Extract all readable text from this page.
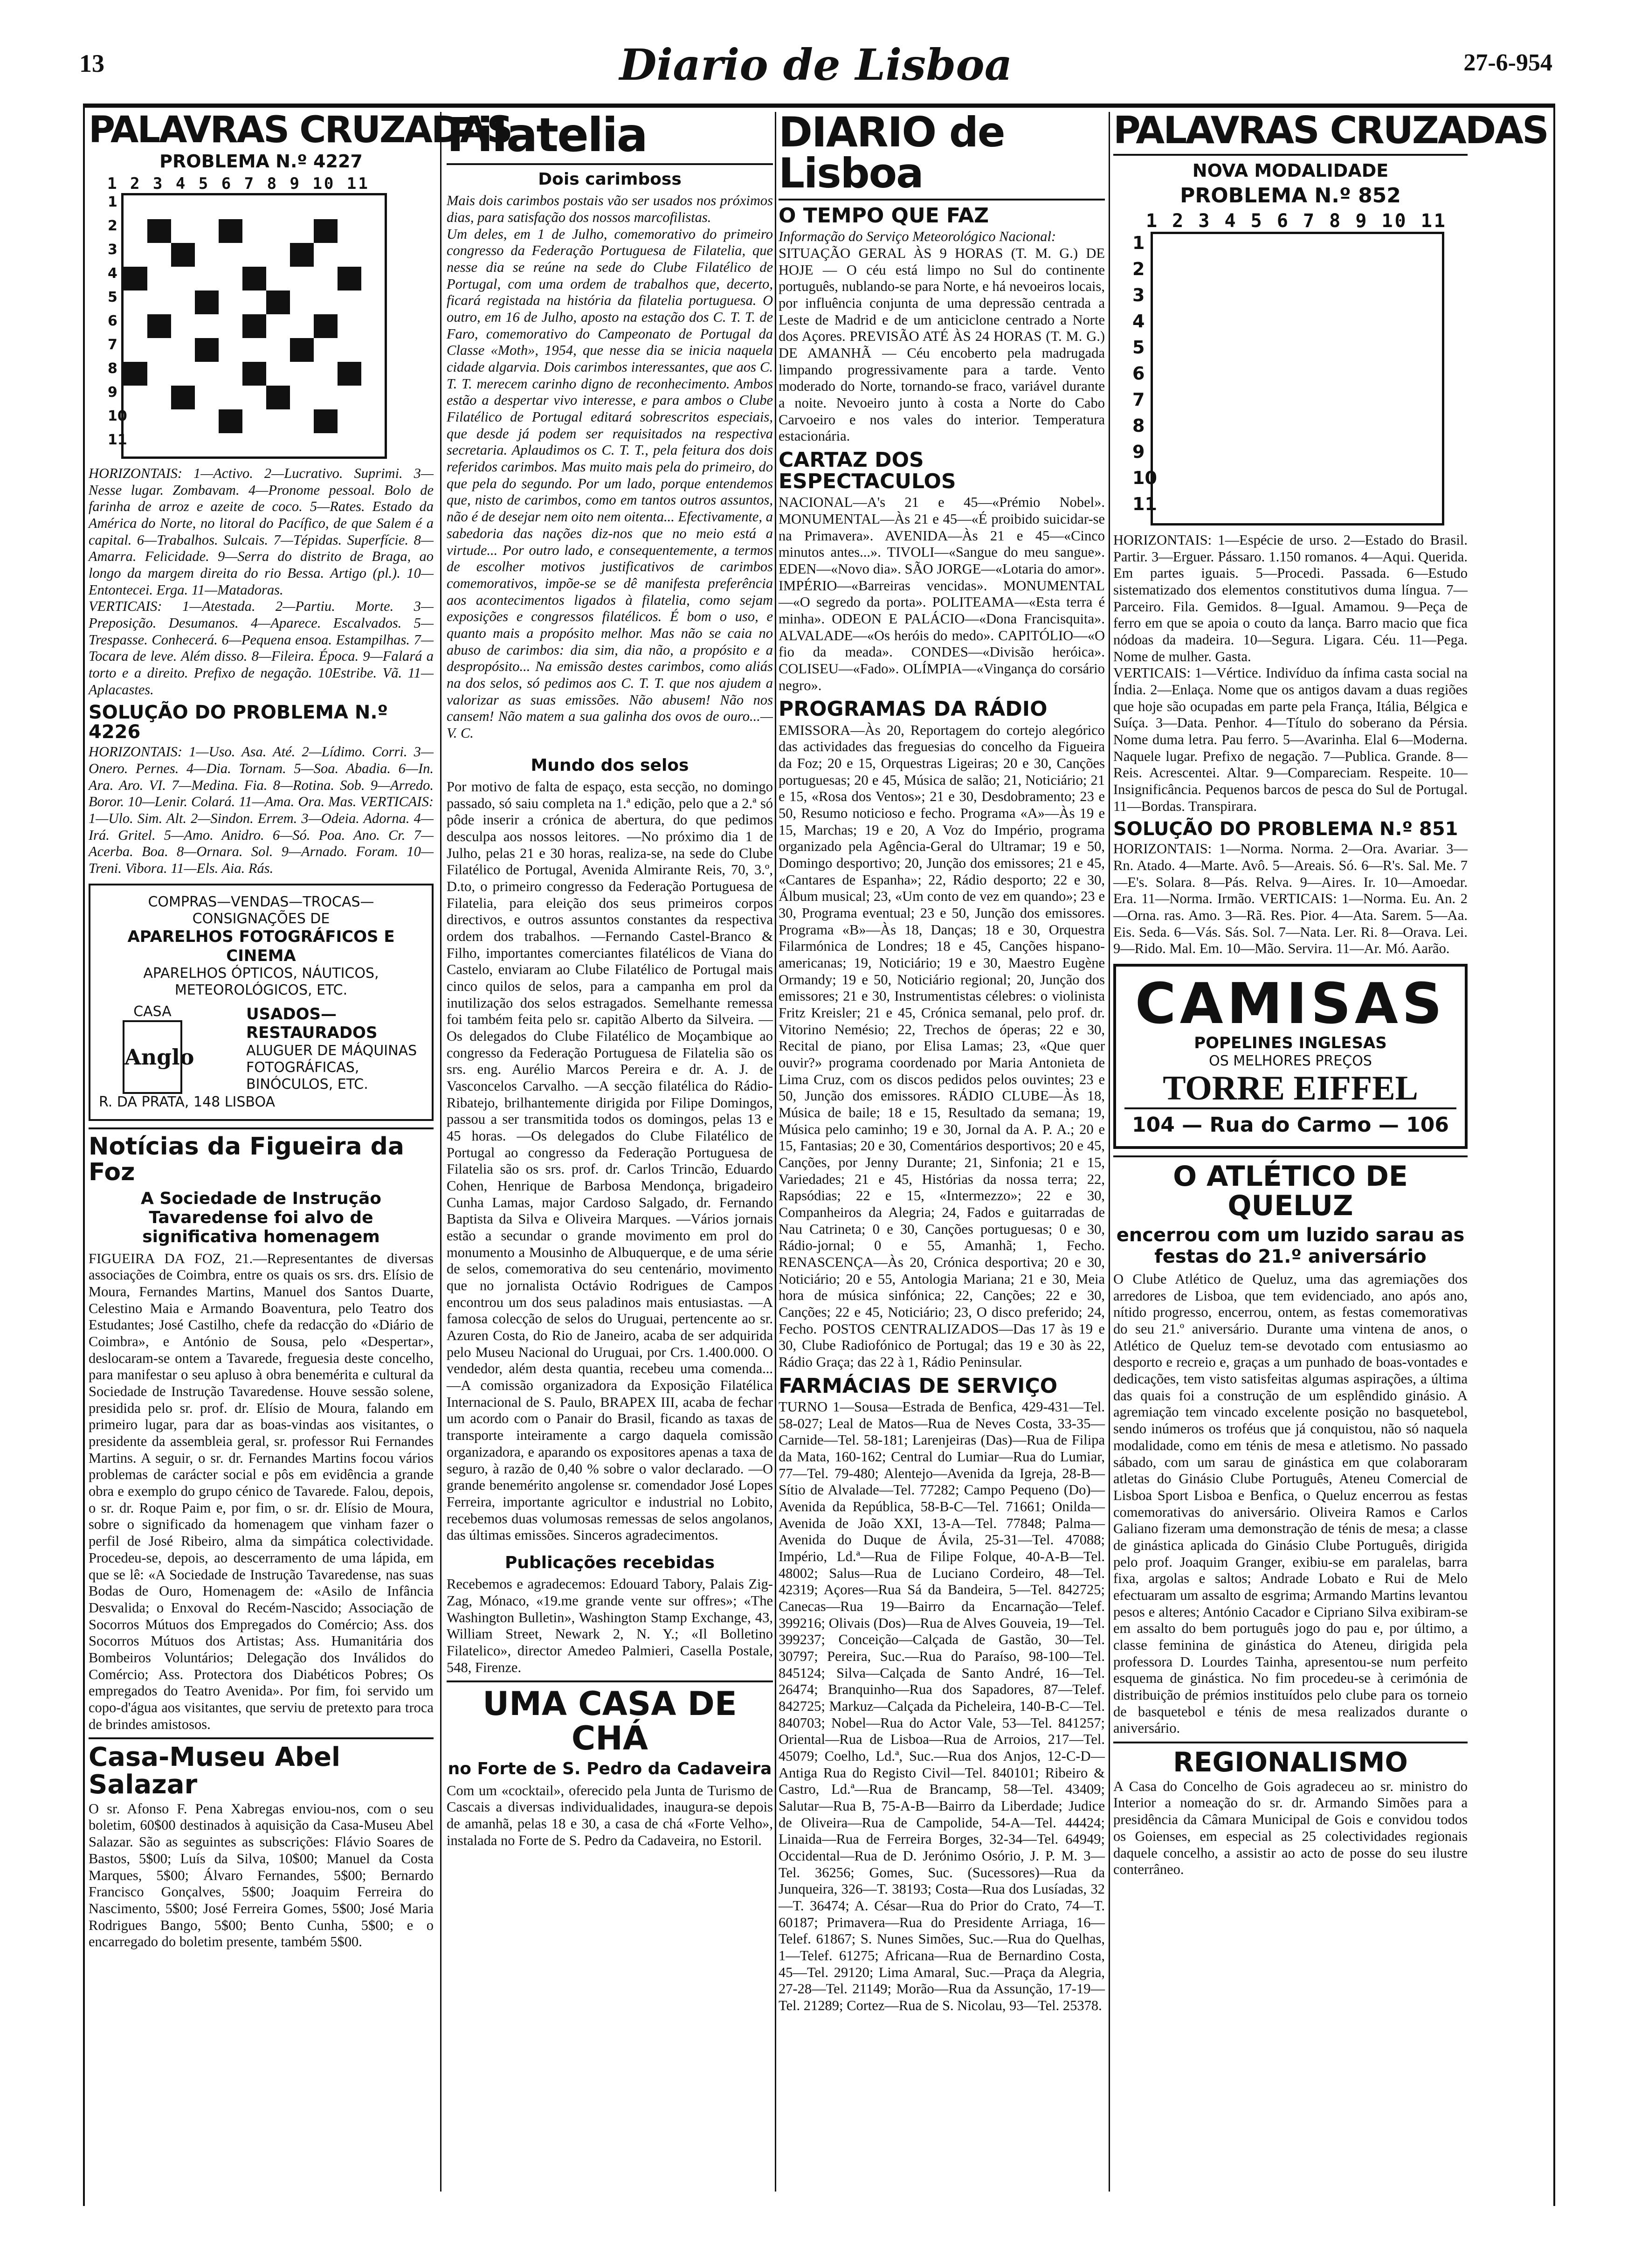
13	Diario de Lisboa	27-6-954
PALAVRAS CRUZADAS
PROBLEMA N.º 4227
1 2 3 4 5 6 7 8 9 10 11
1
2
3
4
5
6
7
8
9
10
11

HORIZONTAIS: 1—Activo. 2—Lucrativo. Suprimi. 3—Nesse lugar. Zombavam. 4—Pronome pessoal. Bolo de farinha de arroz e azeite de coco. 5—Rates. Estado da América do Norte, no litoral do Pacífico, de que Salem é a capital. 6—Trabalhos. Sulcais. 7—Tépidas. Superfície. 8—Amarra. Felicidade. 9—Serra do distrito de Braga, ao longo da margem direita do rio Bessa. Artigo (pl.). 10—Entontecei. Erga. 11—Matadoras.

VERTICAIS: 1—Atestada. 2—Partiu. Morte. 3—Preposição. Desumanos. 4—Aparece. Escalvados. 5—Trespasse. Conhecerá. 6—Pequena ensoa. Estampilhas. 7—Tocara de leve. Além disso. 8—Fileira. Época. 9—Falará a torto e a direito. Prefixo de negação. 10Estribe. Vã. 11—Aplacastes.

SOLUÇÃO DO PROBLEMA N.º 4226

HORIZONTAIS: 1—Uso. Asa. Até. 2—Lídimo. Corri. 3—Onero. Pernes. 4—Dia. Tornam. 5—Soa. Abadia. 6—In. Ara. Aro. VI. 7—Medina. Fia. 8—Rotina. Sob. 9—Arredo. Boror. 10—Lenir. Colará. 11—Ama. Ora. Mas. VERTICAIS: 1—Ulo. Sim. Alt. 2—Sindon. Errem. 3—Odeia. Adorna. 4—Irá. Gritel. 5—Amo. Anidro. 6—Só. Poa. Ano. Cr. 7—Acerba. Boa. 8—Ornara. Sol. 9—Arnado. Foram. 10—Treni. Vibora. 11—Els. Aia. Rás.

COMPRAS—VENDAS—TROCAS—
CONSIGNAÇÕES DE
APARELHOS FOTOGRÁFICOS E CINEMA
APARELHOS ÓPTICOS, NÁUTICOS, METEOROLÓGICOS, ETC.
CASA
Anglo
USADOS—
RESTAURADOS
ALUGUER DE MÁQUINAS FOTOGRÁFICAS, BINÓCULOS, ETC.
R. DA PRATA, 148 LISBOA
Notícias da Figueira da Foz
A Sociedade de Instrução Tavaredense foi alvo de significativa homenagem

FIGUEIRA DA FOZ, 21.—Representantes de diversas associações de Coimbra, entre os quais os srs. drs. Elísio de Moura, Fernandes Martins, Manuel dos Santos Duarte, Celestino Maia e Armando Boaventura, pelo Teatro dos Estudantes; José Castilho, chefe da redacção do «Diário de Coimbra», e António de Sousa, pelo «Despertar», deslocaram-se ontem a Tavarede, freguesia deste concelho, para manifestar o seu apluso à obra benemérita e cultural da Sociedade de Instrução Tavaredense. Houve sessão solene, presidida pelo sr. prof. dr. Elísio de Moura, falando em primeiro lugar, para dar as boas-vindas aos visitantes, o presidente da assembleia geral, sr. professor Rui Fernandes Martins. A seguir, o sr. dr. Fernandes Martins focou vários problemas de carácter social e pôs em evidência a grande obra e exemplo do grupo cénico de Tavarede. Falou, depois, o sr. dr. Roque Paim e, por fim, o sr. dr. Elísio de Moura, sobre o significado da homenagem que vinham fazer o perfil de José Ribeiro, alma da simpática colectividade. Procedeu-se, depois, ao descerramento de uma lápida, em que se lê: «A Sociedade de Instrução Tavaredense, nas suas Bodas de Ouro, Homenagem de: «Asilo de Infância Desvalida; o Enxoval do Recém-Nascido; Associação de Socorros Mútuos dos Empregados do Comércio; Ass. dos Socorros Mútuos dos Artistas; Ass. Humanitária dos Bombeiros Voluntários; Delegação dos Inválidos do Comércio; Ass. Protectora dos Diabéticos Pobres; Os empregados do Teatro Avenida». Por fim, foi servido um copo-d'água aos visitantes, que serviu de pretexto para troca de brindes amistosos.

Casa-Museu Abel Salazar

O sr. Afonso F. Pena Xabregas enviou-nos, com o seu boletim, 60$00 destinados à aquisição da Casa-Museu Abel Salazar. São as seguintes as subscrições: Flávio Soares de Bastos, 5$00; Luís da Silva, 10$00; Manuel da Costa Marques, 5$00; Álvaro Fernandes, 5$00; Bernardo Francisco Gonçalves, 5$00; Joaquim Ferreira do Nascimento, 5$00; José Ferreira Gomes, 5$00; José Maria Rodrigues Bango, 5$00; Bento Cunha, 5$00; e o encarregado do boletim presente, também 5$00.

Filatelia
Dois carimboss

Mais dois carimbos postais vão ser usados nos próximos dias, para satisfação dos nossos marcofilistas.

Um deles, em 1 de Julho, comemorativo do primeiro congresso da Federação Portuguesa de Filatelia, que nesse dia se reúne na sede do Clube Filatélico de Portugal, com uma ordem de trabalhos que, decerto, ficará registada na história da filatelia portuguesa. O outro, em 16 de Julho, aposto na estação dos C. T. T. de Faro, comemorativo do Campeonato de Portugal da Classe «Moth», 1954, que nesse dia se inicia naquela cidade algarvia. Dois carimbos interessantes, que aos C. T. T. merecem carinho digno de reconhecimento. Ambos estão a despertar vivo interesse, e para ambos o Clube Filatélico de Portugal editará sobrescritos especiais, que desde já podem ser requisitados na respectiva secretaria. Aplaudimos os C. T. T., pela feitura dos dois referidos carimbos. Mas muito mais pela do primeiro, do que pela do segundo. Por um lado, porque entendemos que, nisto de carimbos, como em tantos outros assuntos, não é de desejar nem oito nem oitenta... Efectivamente, a sabedoria das nações diz-nos que no meio está a virtude... Por outro lado, e consequentemente, a termos de escolher motivos justificativos de carimbos comemorativos, impõe-se se dê manifesta preferência aos acontecimentos ligados à filatelia, como sejam exposições e congressos filatélicos. É bom o uso, e quanto mais a propósito melhor. Mas não se caia no abuso de carimbos: dia sim, dia não, a propósito e a despropósito... Na emissão destes carimbos, como aliás na dos selos, só pedimos aos C. T. T. que nos ajudem a valorizar as suas emissões. Não abusem! Não nos cansem! Não matem a sua galinha dos ovos de ouro...—V. C.

Mundo dos selos

Por motivo de falta de espaço, esta secção, no domingo passado, só saiu completa na 1.ª edição, pelo que a 2.ª só pôde inserir a crónica de abertura, do que pedimos desculpa aos nossos leitores. —No próximo dia 1 de Julho, pelas 21 e 30 horas, realiza-se, na sede do Clube Filatélico de Portugal, Avenida Almirante Reis, 70, 3.º, D.to, o primeiro congresso da Federação Portuguesa de Filatelia, para eleição dos seus primeiros corpos directivos, e outros assuntos constantes da respectiva ordem dos trabalhos. —Fernando Castel-Branco & Filho, importantes comerciantes filatélicos de Viana do Castelo, enviaram ao Clube Filatélico de Portugal mais cinco quilos de selos, para a campanha em prol da inutilização dos selos estragados. Semelhante remessa foi também feita pelo sr. capitão Alberto da Silveira. —Os delegados do Clube Filatélico de Moçambique ao congresso da Federação Portuguesa de Filatelia são os srs. eng. Aurélio Marcos Pereira e dr. A. J. de Vasconcelos Carvalho. —A secção filatélica do Rádio-Ribatejo, brilhantemente dirigida por Filipe Domingos, passou a ser transmitida todos os domingos, pelas 13 e 45 horas. —Os delegados do Clube Filatélico de Portugal ao congresso da Federação Portuguesa de Filatelia são os srs. prof. dr. Carlos Trincão, Eduardo Cohen, Henrique de Barbosa Mendonça, brigadeiro Cunha Lamas, major Cardoso Salgado, dr. Fernando Baptista da Silva e Oliveira Marques. —Vários jornais estão a secundar o grande movimento em prol do monumento a Mousinho de Albuquerque, e de uma série de selos, comemorativa do seu centenário, movimento que no jornalista Octávio Rodrigues de Campos encontrou um dos seus paladinos mais entusiastas. —A famosa colecção de selos do Uruguai, pertencente ao sr. Azuren Costa, do Rio de Janeiro, acaba de ser adquirida pelo Museu Nacional do Uruguai, por Crs. 1.400.000. O vendedor, além desta quantia, recebeu uma comenda... —A comissão organizadora da Exposição Filatélica Internacional de S. Paulo, BRAPEX III, acaba de fechar um acordo com o Panair do Brasil, ficando as taxas de transporte inteiramente a cargo daquela comissão organizadora, e aparando os expositores apenas a taxa de seguro, à razão de 0,40 % sobre o valor declarado. —O grande benemérito angolense sr. comendador José Lopes Ferreira, importante agricultor e industrial no Lobito, recebemos duas volumosas remessas de selos angolanos, das últimas emissões. Sinceros agradecimentos.

Publicações recebidas

Recebemos e agradecemos: Edouard Tabory, Palais Zig-Zag, Mónaco, «19.me grande vente sur offres»; «The Washington Bulletin», Washington Stamp Exchange, 43, William Street, Newark 2, N. Y.; «Il Bolletino Filatelico», director Amedeo Palmieri, Casella Postale, 548, Firenze.

UMA CASA DE CHÁ
no Forte de S. Pedro da Cadaveira

Com um «cocktail», oferecido pela Junta de Turismo de Cascais a diversas individualidades, inaugura-se depois de amanhã, pelas 18 e 30, a casa de chá «Forte Velho», instalada no Forte de S. Pedro da Cadaveira, no Estoril.

DIARIO de Lisboa
O TEMPO QUE FAZ

Informação do Serviço Meteorológico Nacional:

SITUAÇÃO GERAL ÀS 9 HORAS (T. M. G.) DE HOJE — O céu está limpo no Sul do continente português, nublando-se para Norte, e há nevoeiros locais, por influência conjunta de uma depressão centrada a Leste de Madrid e de um anticiclone centrado a Norte dos Açores. PREVISÃO ATÉ ÀS 24 HORAS (T. M. G.) DE AMANHÃ — Céu encoberto pela madrugada limpando progressivamente para a tarde. Vento moderado do Norte, tornando-se fraco, variável durante a noite. Nevoeiro junto à costa a Norte do Cabo Carvoeiro e nos vales do interior. Temperatura estacionária.

CARTAZ DOS ESPECTACULOS

NACIONAL—A's 21 e 45—«Prémio Nobel». MONUMENTAL—Às 21 e 45—«É proibido suicidar-se na Primavera». AVENIDA—Às 21 e 45—«Cinco minutos antes...». TIVOLI—«Sangue do meu sangue». EDEN—«Novo dia». SÃO JORGE—«Lotaria do amor». IMPÉRIO—«Barreiras vencidas». MONUMENTAL—«O segredo da porta». POLITEAMA—«Esta terra é minha». ODEON E PALÁCIO—«Dona Francisquita». ALVALADE—«Os heróis do medo». CAPITÓLIO—«O fio da meada». CONDES—«Divisão heróica». COLISEU—«Fado». OLÍMPIA—«Vingança do corsário negro».

PROGRAMAS DA RÁDIO

EMISSORA—Às 20, Reportagem do cortejo alegórico das actividades das freguesias do concelho da Figueira da Foz; 20 e 15, Orquestras Ligeiras; 20 e 30, Canções portuguesas; 20 e 45, Música de salão; 21, Noticiário; 21 e 15, «Rosa dos Ventos»; 21 e 30, Desdobramento; 23 e 50, Resumo noticioso e fecho. Programa «A»—Às 19 e 15, Marchas; 19 e 20, A Voz do Império, programa organizado pela Agência-Geral do Ultramar; 19 e 50, Domingo desportivo; 20, Junção dos emissores; 21 e 45, «Cantares de Espanha»; 22, Rádio desporto; 22 e 30, Álbum musical; 23, «Um conto de vez em quando»; 23 e 30, Programa eventual; 23 e 50, Junção dos emissores. Programa «B»—Às 18, Danças; 18 e 30, Orquestra Filarmónica de Londres; 18 e 45, Canções hispano-americanas; 19, Noticiário; 19 e 30, Maestro Eugène Ormandy; 19 e 50, Noticiário regional; 20, Junção dos emissores; 21 e 30, Instrumentistas célebres: o violinista Fritz Kreisler; 21 e 45, Crónica semanal, pelo prof. dr. Vitorino Nemésio; 22, Trechos de óperas; 22 e 30, Recital de piano, por Elisa Lamas; 23, «Que quer ouvir?» programa coordenado por Maria Antonieta de Lima Cruz, com os discos pedidos pelos ouvintes; 23 e 50, Junção dos emissores. RÁDIO CLUBE—Às 18, Música de baile; 18 e 15, Resultado da semana; 19, Música pelo caminho; 19 e 30, Jornal da A. P. A.; 20 e 15, Fantasias; 20 e 30, Comentários desportivos; 20 e 45, Canções, por Jenny Durante; 21, Sinfonia; 21 e 15, Variedades; 21 e 45, Histórias da nossa terra; 22, Rapsódias; 22 e 15, «Intermezzo»; 22 e 30, Companheiros da Alegria; 24, Fados e guitarradas de Nau Catrineta; 0 e 30, Canções portuguesas; 0 e 30, Rádio-jornal; 0 e 55, Amanhã; 1, Fecho. RENASCENÇA—Às 20, Crónica desportiva; 20 e 30, Noticiário; 20 e 55, Antologia Mariana; 21 e 30, Meia hora de música sinfónica; 22, Canções; 22 e 30, Canções; 22 e 45, Noticiário; 23, O disco preferido; 24, Fecho. POSTOS CENTRALIZADOS—Das 17 às 19 e 30, Clube Radiofónico de Portugal; das 19 e 30 às 22, Rádio Graça; das 22 à 1, Rádio Peninsular.

FARMÁCIAS DE SERVIÇO

TURNO 1—Sousa—Estrada de Benfica, 429-431—Tel. 58-027; Leal de Matos—Rua de Neves Costa, 33-35—Carnide—Tel. 58-181; Larenjeiras (Das)—Rua de Filipa da Mata, 160-162; Central do Lumiar—Rua do Lumiar, 77—Tel. 79-480; Alentejo—Avenida da Igreja, 28-B—Sítio de Alvalade—Tel. 77282; Campo Pequeno (Do)—Avenida da República, 58-B-C—Tel. 71661; Onilda—Avenida de João XXI, 13-A—Tel. 77848; Palma—Avenida do Duque de Ávila, 25-31—Tel. 47088; Império, Ld.ª—Rua de Filipe Folque, 40-A-B—Tel. 48002; Salus—Rua de Luciano Cordeiro, 48—Tel. 42319; Açores—Rua Sá da Bandeira, 5—Tel. 842725; Canecas—Rua 19—Bairro da Encarnação—Telef. 399216; Olivais (Dos)—Rua de Alves Gouveia, 19—Tel. 399237; Conceição—Calçada de Gastão, 30—Tel. 30797; Pereira, Suc.—Rua do Paraíso, 98-100—Tel. 845124; Silva—Calçada de Santo André, 16—Tel. 26474; Branquinho—Rua dos Sapadores, 87—Telef. 842725; Markuz—Calçada da Picheleira, 140-B-C—Tel. 840703; Nobel—Rua do Actor Vale, 53—Tel. 841257; Oriental—Rua de Lisboa—Rua de Arroios, 217—Tel. 45079; Coelho, Ld.ª, Suc.—Rua dos Anjos, 12-C-D—Antiga Rua do Registo Civil—Tel. 840101; Ribeiro & Castro, Ld.ª—Rua de Brancamp, 58—Tel. 43409; Salutar—Rua B, 75-A-B—Bairro da Liberdade; Judice de Oliveira—Rua de Campolide, 54-A—Tel. 44424; Linaida—Rua de Ferreira Borges, 32-34—Tel. 64949; Occidental—Rua de D. Jerónimo Osório, J. P. M. 3—Tel. 36256; Gomes, Suc. (Sucessores)—Rua da Junqueira, 326—T. 38193; Costa—Rua dos Lusíadas, 32—T. 36474; A. César—Rua do Prior do Crato, 74—T. 60187; Primavera—Rua do Presidente Arriaga, 16—Telef. 61867; S. Nunes Simões, Suc.—Rua do Quelhas, 1—Telef. 61275; Africana—Rua de Bernardino Costa, 45—Tel. 29120; Lima Amaral, Suc.—Praça da Alegria, 27-28—Tel. 21149; Morão—Rua da Assunção, 17-19—Tel. 21289; Cortez—Rua de S. Nicolau, 93—Tel. 25378.

PALAVRAS CRUZADAS
NOVA MODALIDADE
PROBLEMA N.º 852
1 2 3 4 5 6 7 8 9 10 11
1
2
3
4
5
6
7
8
9
10
11

HORIZONTAIS: 1—Espécie de urso. 2—Estado do Brasil. Partir. 3—Erguer. Pássaro. 1.150 romanos. 4—Aqui. Querida. Em partes iguais. 5—Procedi. Passada. 6—Estudo sistematizado dos elementos constitutivos duma língua. 7—Parceiro. Fila. Gemidos. 8—Igual. Amamou. 9—Peça de ferro em que se apoia o couto da lança. Barro macio que fica nódoas da madeira. 10—Segura. Ligara. Céu. 11—Pega. Nome de mulher. Gasta.

VERTICAIS: 1—Vértice. Indivíduo da ínfima casta social na Índia. 2—Enlaça. Nome que os antigos davam a duas regiões que hoje são ocupadas em parte pela França, Itália, Bélgica e Suíça. 3—Data. Penhor. 4—Título do soberano da Pérsia. Nome duma letra. Pau ferro. 5—Avarinha. Elal 6—Moderna. Naquele lugar. Prefixo de negação. 7—Publica. Grande. 8—Reis. Acrescentei. Altar. 9—Compareciam. Respeite. 10—Insignificância. Pequenos barcos de pesca do Sul de Portugal. 11—Bordas. Transpirara.

SOLUÇÃO DO PROBLEMA N.º 851

HORIZONTAIS: 1—Norma. Norma. 2—Ora. Avariar. 3—Rn. Atado. 4—Marte. Avô. 5—Areais. Só. 6—R's. Sal. Me. 7—E's. Solara. 8—Pás. Relva. 9—Aires. Ir. 10—Amoedar. Era. 11—Norma. Irmão. VERTICAIS: 1—Norma. Eu. An. 2—Orna. ras. Amo. 3—Rã. Res. Pior. 4—Ata. Sarem. 5—Aa. Eis. Seda. 6—Vás. Sás. Sol. 7—Nata. Ler. Ri. 8—Orava. Lei. 9—Rido. Mal. Em. 10—Mão. Servira. 11—Ar. Mó. Aarão.

CAMISAS
POPELINES INGLESAS
OS MELHORES PREÇOS
TORRE EIFFEL
104 — Rua do Carmo — 106
O ATLÉTICO DE QUELUZ
encerrou com um luzido sarau as festas do 21.º aniversário

O Clube Atlético de Queluz, uma das agremiações dos arredores de Lisboa, que tem evidenciado, ano após ano, nítido progresso, encerrou, ontem, as festas comemorativas do seu 21.º aniversário. Durante uma vintena de anos, o Atlético de Queluz tem-se devotado com entusiasmo ao desporto e recreio e, graças a um punhado de boas-vontades e dedicações, tem visto satisfeitas algumas aspirações, a última das quais foi a construção de um esplêndido ginásio. A agremiação tem vincado excelente posição no basquetebol, sendo inúmeros os troféus que já conquistou, não só naquela modalidade, como em ténis de mesa e atletismo. No passado sábado, com um sarau de ginástica em que colaboraram atletas do Ginásio Clube Português, Ateneu Comercial de Lisboa Sport Lisboa e Benfica, o Queluz encerrou as festas comemorativas do aniversário. Oliveira Ramos e Carlos Galiano fizeram uma demonstração de ténis de mesa; a classe de ginástica aplicada do Ginásio Clube Português, dirigida pelo prof. Joaquim Granger, exibiu-se em paralelas, barra fixa, argolas e saltos; Andrade Lobato e Rui de Melo efectuaram um assalto de esgrima; Armando Martins levantou pesos e alteres; António Cacador e Cipriano Silva exibiram-se em assalto do bem português jogo do pau e, por último, a classe feminina de ginástica do Ateneu, dirigida pela professora D. Lourdes Tainha, apresentou-se num perfeito esquema de ginástica. No fim procedeu-se à cerimónia de distribuição de prémios instituídos pelo clube para os torneio de basquetebol e ténis de mesa realizados durante o aniversário.

REGIONALISMO

A Casa do Concelho de Gois agradeceu ao sr. ministro do Interior a nomeação do sr. dr. Armando Simões para a presidência da Câmara Municipal de Gois e convidou todos os Goienses, em especial as 25 colectividades regionais daquele concelho, a assistir ao acto de posse do seu ilustre conterrâneo.
